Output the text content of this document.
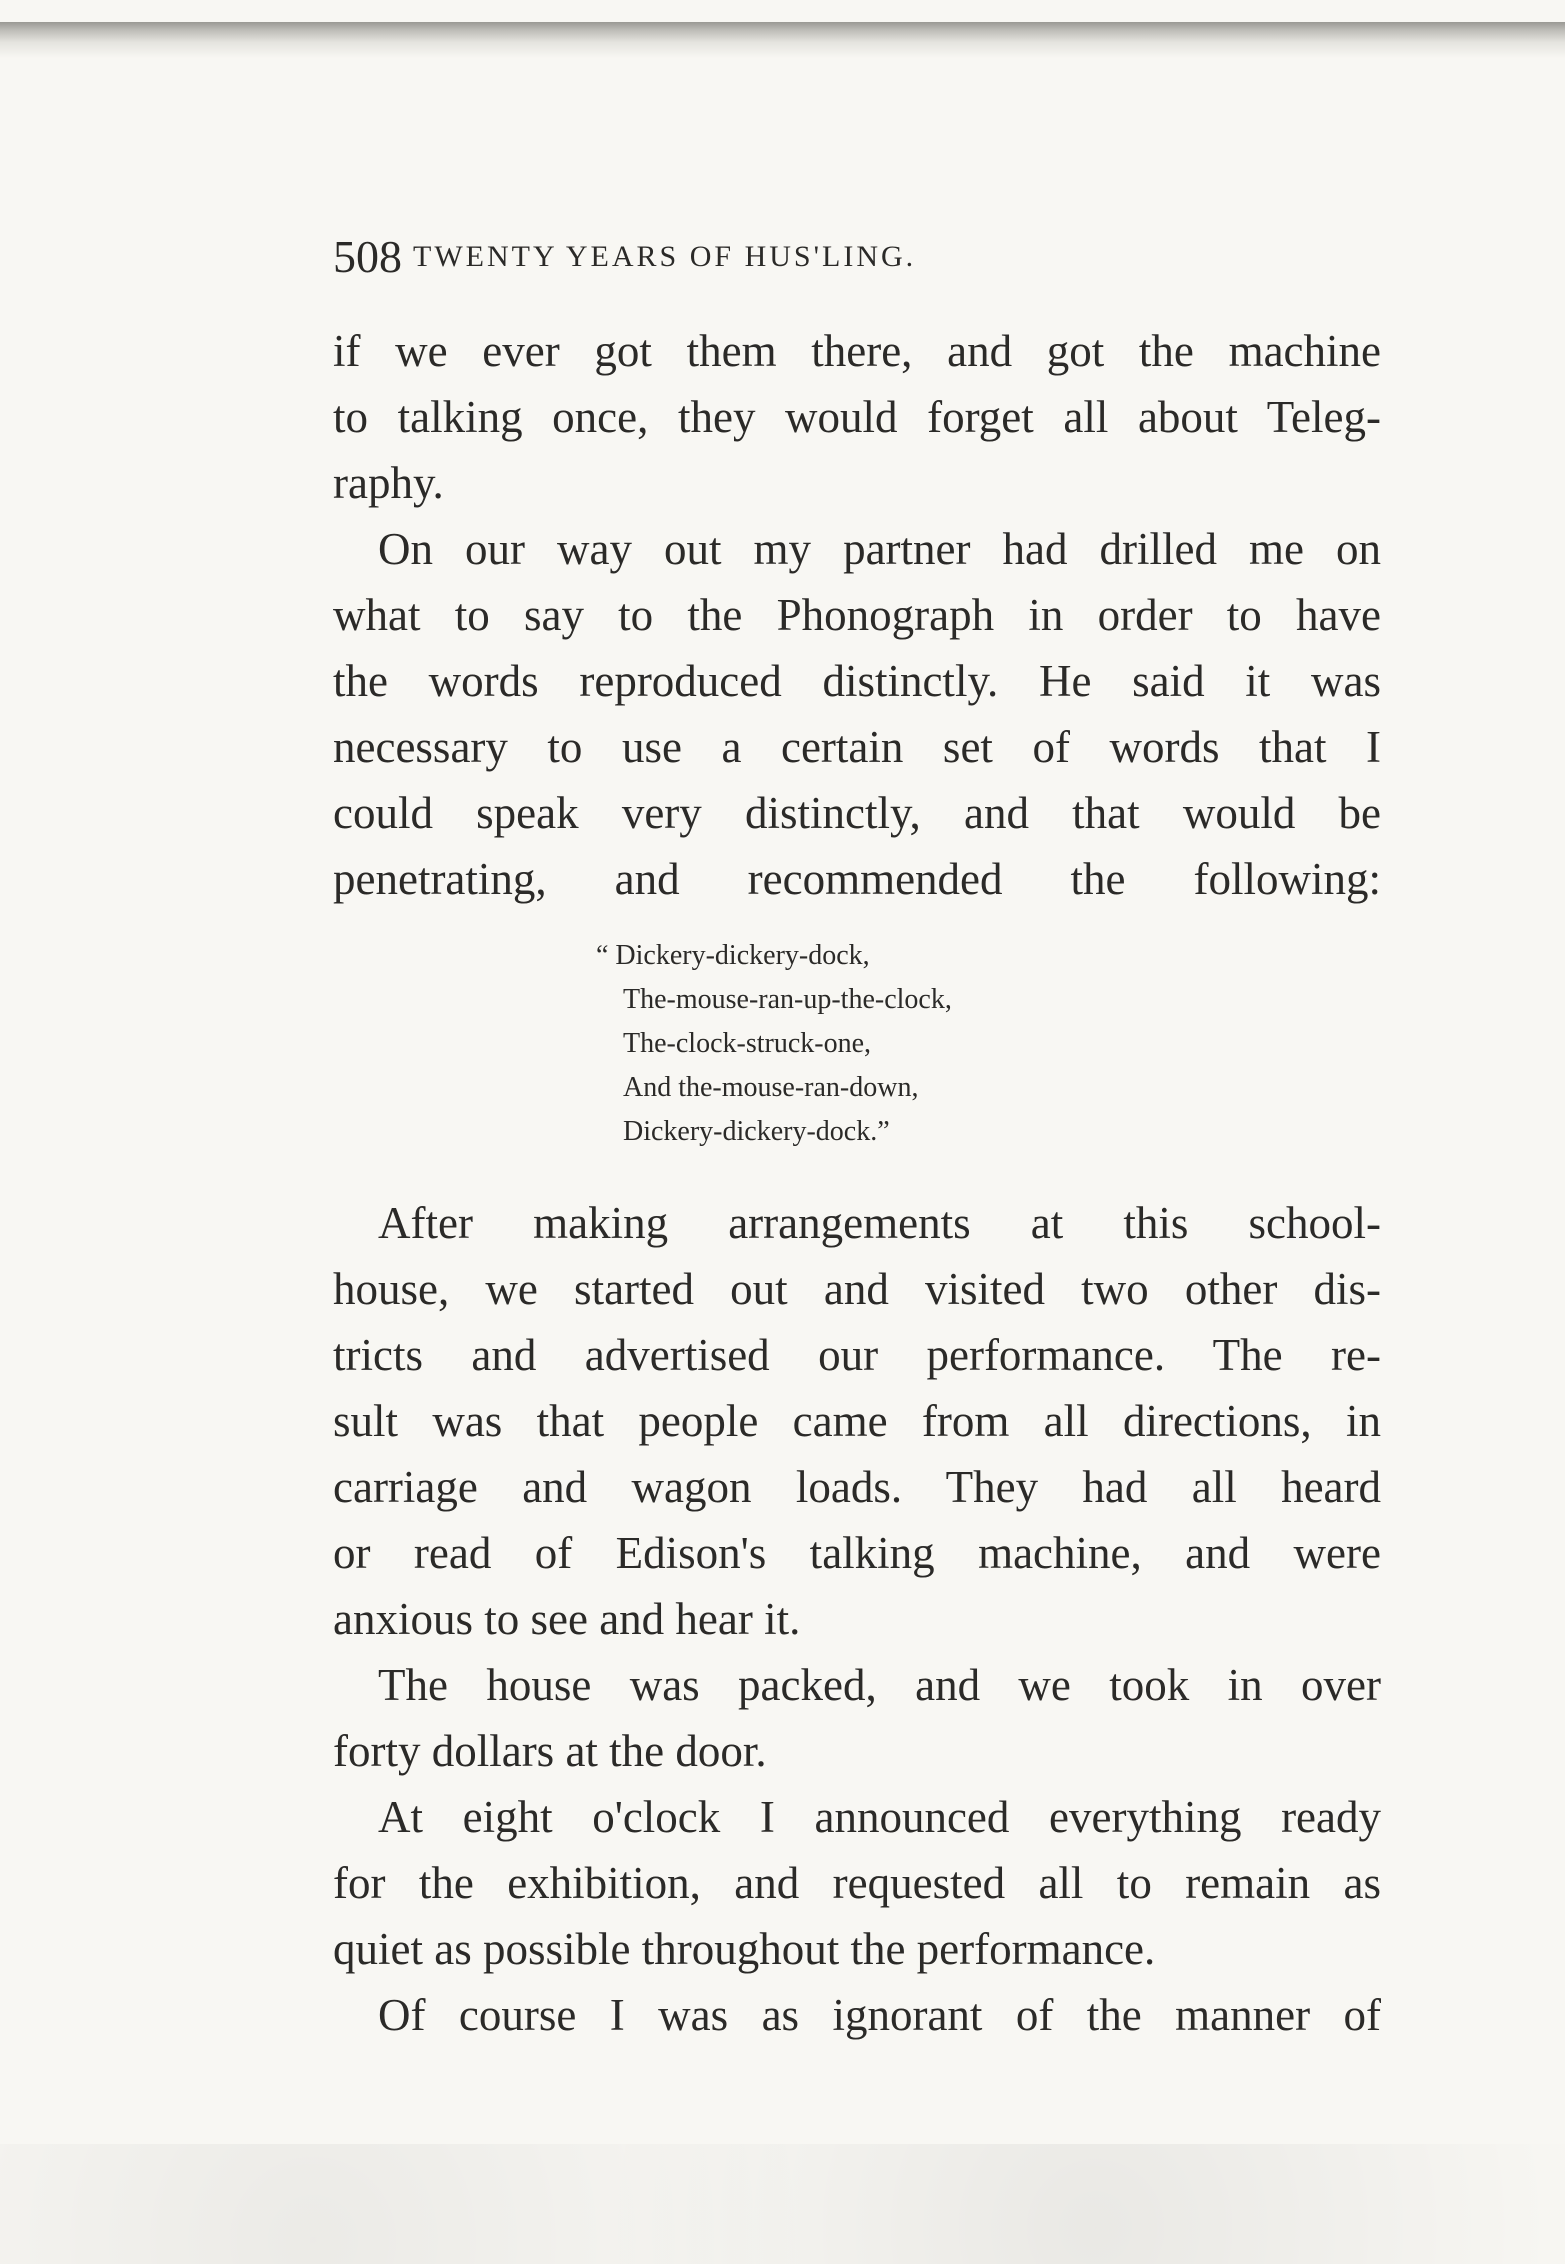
508 TWENTY YEARS OF HUS'LING.
if we ever got them there, and got the machine
to talking once, they would forget all about Teleg-
raphy.
On our way out my partner had drilled me on
what to say to the Phonograph in order to have
the words reproduced distinctly. He said it was
necessary to use a certain set of words that I
could speak very distinctly, and that would be
penetrating, and recommended the following:
“ Dickery-dickery-dock,
The-mouse-ran-up-the-clock,
The-clock-struck-one,
And the-mouse-ran-down,
Dickery-dickery-dock.”
After making arrangements at this school-
house, we started out and visited two other dis-
tricts and advertised our performance. The re-
sult was that people came from all directions, in
carriage and wagon loads. They had all heard
or read of Edison's talking machine, and were
anxious to see and hear it.
The house was packed, and we took in over
forty dollars at the door.
At eight o'clock I announced everything ready
for the exhibition, and requested all to remain as
quiet as possible throughout the performance.
Of course I was as ignorant of the manner of
